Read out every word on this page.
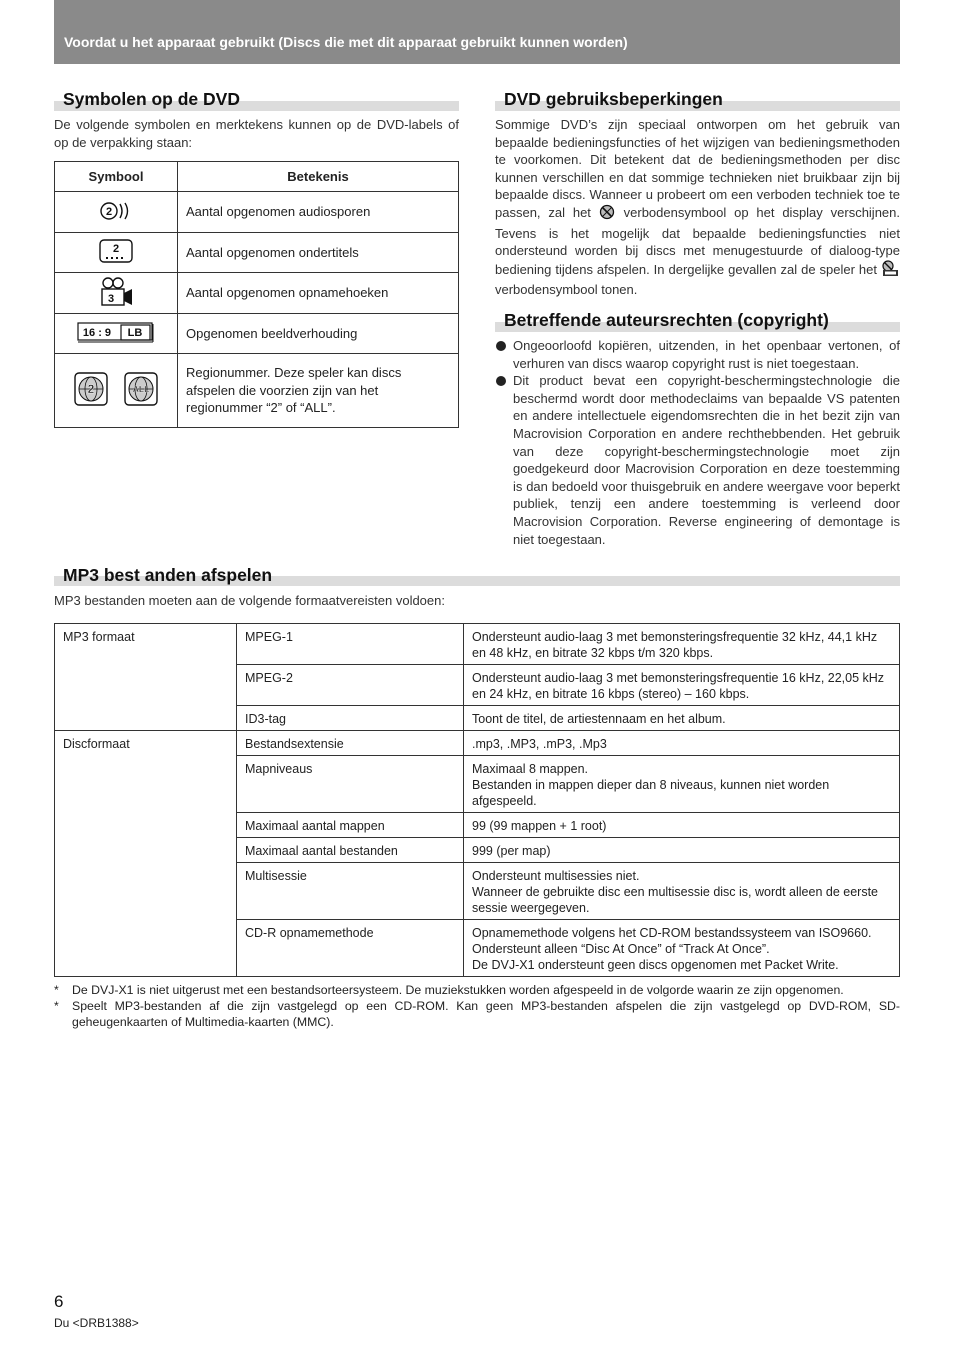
Voordat u het apparaat gebruikt (Discs die met dit apparaat gebruikt kunnen worden)
Symbolen op de DVD
De volgende symbolen en merktekens kunnen op de DVD-labels of op de verpakking staan:
Symbool	Betekenis

2	Aantal opgenomen audiosporen

2	Aantal opgenomen ondertitels

3	Aantal opgenomen opnamehoeken

16 : 9 LB	Opgenomen beeldverhouding

2 ALL	Regionummer. Deze speler kan discs afspelen die voorzien zijn van het regionummer “2” of “ALL”.
DVD gebruiksbeperkingen
Sommige DVD’s zijn speciaal ontworpen om het gebruik van bepaalde bedieningsfuncties of het wijzigen van bedieningsmethoden te voorkomen. Dit betekent dat de bedieningsmethoden per disc kunnen verschillen en dat sommige technieken niet bruikbaar zijn bij bepaalde discs. Wanneer u probeert om een verboden techniek toe te passen, zal het	verbodensymbool op het display verschijnen. Tevens is het mogelijk dat bepaalde bedieningsfuncties niet ondersteund worden bij discs met menugestuurde of dialoog-type bediening tijdens afspelen. In dergelijke gevallen zal de speler het  verbodensymbool tonen.
Betreffende auteursrechten (copyright)
Ongeoorloofd kopiëren, uitzenden, in het openbaar vertonen, of verhuren van discs waarop copyright rust is niet toegestaan.
Dit product bevat een copyright-beschermingstechnologie die beschermd wordt door methodeclaims van bepaalde VS patenten en andere intellectuele eigendomsrechten die in het bezit zijn van Macrovision Corporation en andere rechthebbenden. Het gebruik van deze copyright-beschermingstechnologie moet zijn goedgekeurd door Macrovision Corporation en deze toestemming is dan bedoeld voor thuisgebruik en andere weergave voor beperkt publiek, tenzij een andere toestemming is verleend door Macrovision Corporation. Reverse engineering of demontage is niet toegestaan.
MP3 best anden afspelen
MP3 bestanden moeten aan de volgende formaatvereisten voldoen:
MP3 formaat	MPEG-1	Ondersteunt audio-laag 3 met bemonsteringsfrequentie 32 kHz, 44,1 kHz en 48 kHz, en bitrate 32 kbps t/m 320 kbps.
	MPEG-2	Ondersteunt audio-laag 3 met bemonsteringsfrequentie 16 kHz, 22,05 kHz en 24 kHz, en bitrate 16 kbps (stereo) – 160 kbps.
	ID3-tag	Toont de titel, de artiestennaam en het album.
Discformaat	Bestandsextensie	.mp3, .MP3, .mP3, .Mp3
	Mapniveaus	Maximaal 8 mappen.
Bestanden in mappen dieper dan 8 niveaus, kunnen niet worden afgespeeld.
	Maximaal aantal mappen	99 (99 mappen + 1 root)
	Maximaal aantal bestanden	999 (per map)
	Multisessie	Ondersteunt multisessies niet.
Wanneer de gebruikte disc een multisessie disc is, wordt alleen de eerste sessie weergegeven.
	CD-R opnamemethode	Opnamemethode volgens het CD-ROM bestandssysteem van ISO9660.
Ondersteunt alleen “Disc At Once” of “Track At Once”.
De DVJ-X1 ondersteunt geen discs opgenomen met Packet Write.
*	De DVJ-X1 is niet uitgerust met een bestandsorteersysteem. De muziekstukken worden afgespeeld in de volgorde waarin ze zijn opgenomen.
*	Speelt MP3-bestanden af die zijn vastgelegd op een CD-ROM. Kan geen MP3-bestanden afspelen die zijn vastgelegd op DVD-ROM, SD-geheugenkaarten of Multimedia-kaarten (MMC).
6
Du <DRB1388>
